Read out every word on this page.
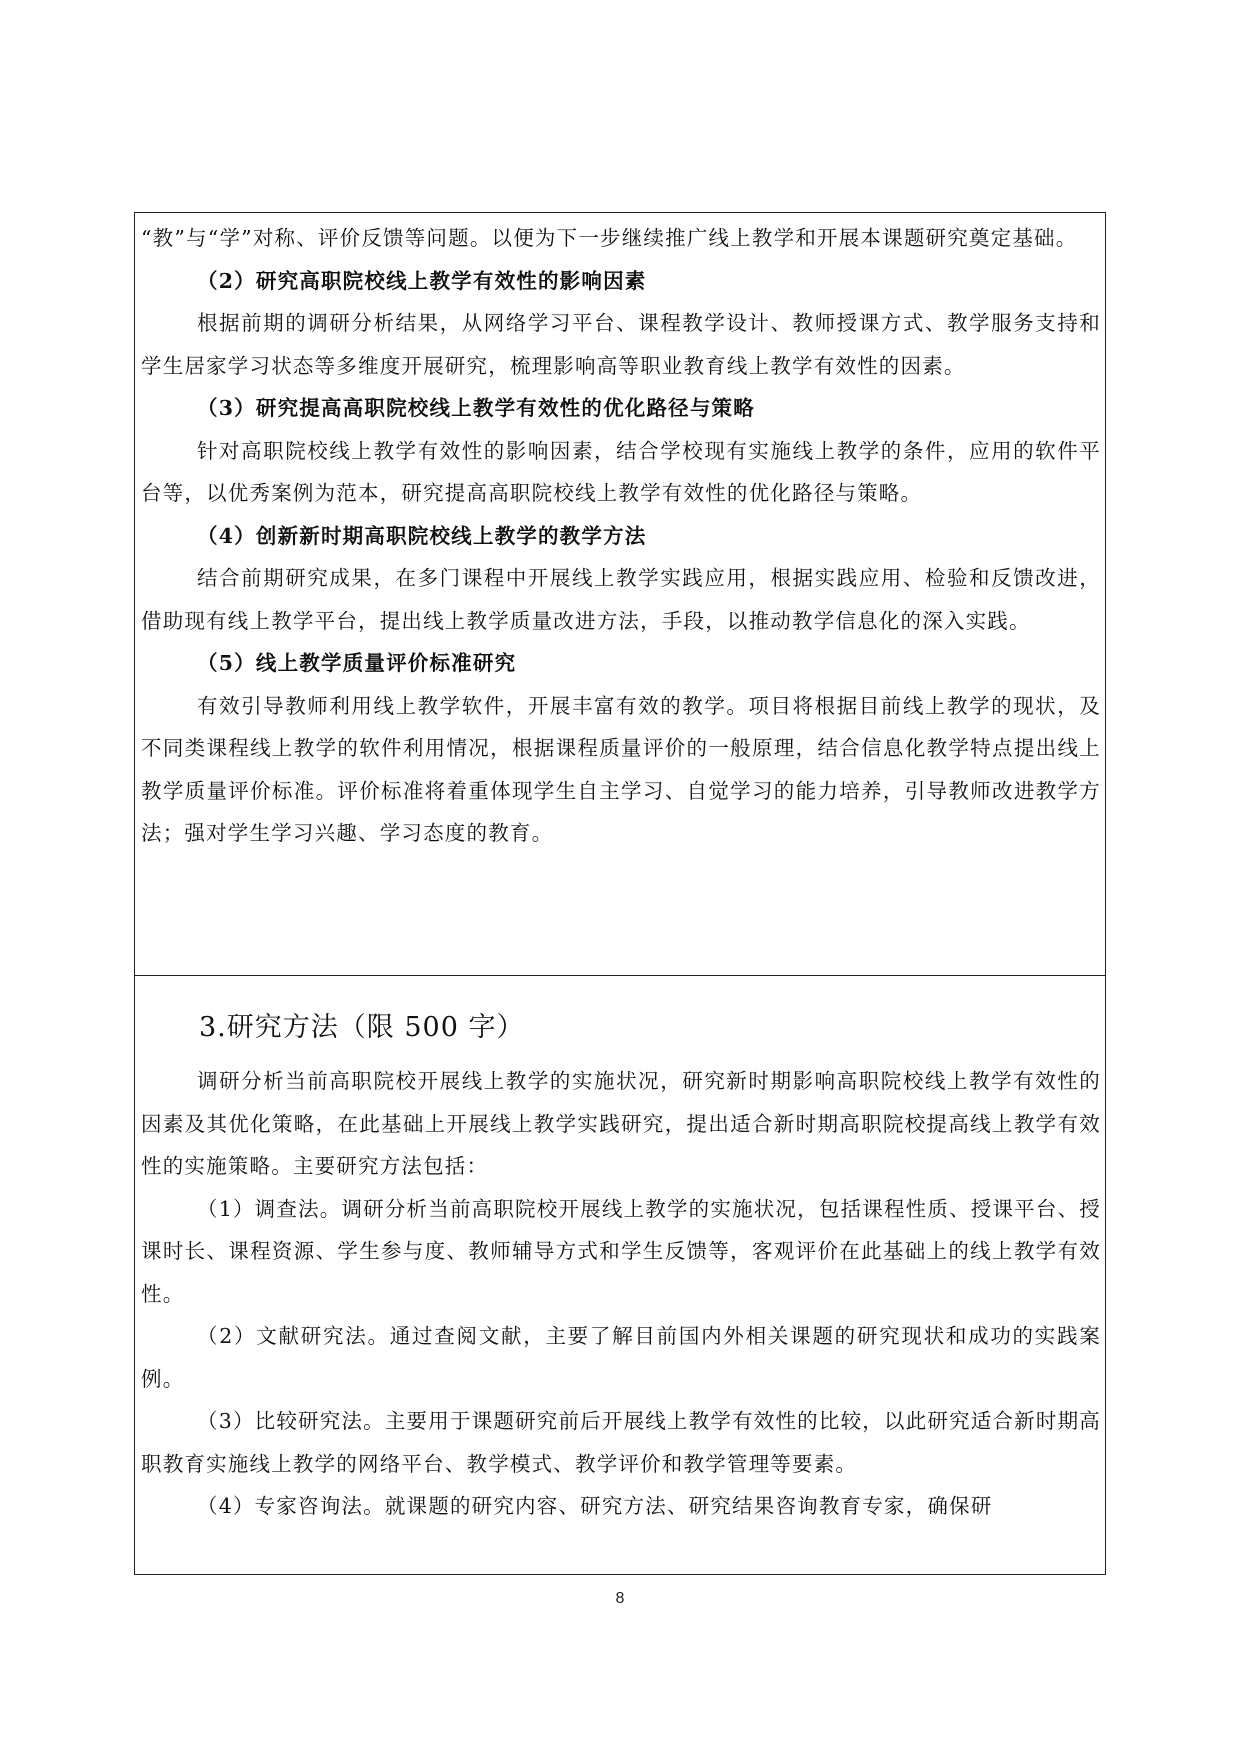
“教”与“学”对称、评价反馈等问题。以便为下一步继续推广线上教学和开展本课题研究奠定基础。

（2）研究高职院校线上教学有效性的影响因素

根据前期的调研分析结果，从网络学习平台、课程教学设计、教师授课方式、教学服务支持和学生居家学习状态等多维度开展研究，梳理影响高等职业教育线上教学有效性的因素。

（3）研究提高高职院校线上教学有效性的优化路径与策略

针对高职院校线上教学有效性的影响因素，结合学校现有实施线上教学的条件，应用的软件平台等，以优秀案例为范本，研究提高高职院校线上教学有效性的优化路径与策略。

（4）创新新时期高职院校线上教学的教学方法

结合前期研究成果，在多门课程中开展线上教学实践应用，根据实践应用、检验和反馈改进，借助现有线上教学平台，提出线上教学质量改进方法，手段，以推动教学信息化的深入实践。

（5）线上教学质量评价标准研究

有效引导教师利用线上教学软件，开展丰富有效的教学。项目将根据目前线上教学的现状，及不同类课程线上教学的软件利用情况，根据课程质量评价的一般原理，结合信息化教学特点提出线上教学质量评价标准。评价标准将着重体现学生自主学习、自觉学习的能力培养，引导教师改进教学方法；强对学生学习兴趣、学习态度的教育。

3.研究方法（限 500 字）

调研分析当前高职院校开展线上教学的实施状况，研究新时期影响高职院校线上教学有效性的因素及其优化策略，在此基础上开展线上教学实践研究，提出适合新时期高职院校提高线上教学有效性的实施策略。主要研究方法包括：

（1）调查法。调研分析当前高职院校开展线上教学的实施状况，包括课程性质、授课平台、授课时长、课程资源、学生参与度、教师辅导方式和学生反馈等，客观评价在此基础上的线上教学有效性。

（2）文献研究法。通过查阅文献，主要了解目前国内外相关课题的研究现状和成功的实践案例。

（3）比较研究法。主要用于课题研究前后开展线上教学有效性的比较，以此研究适合新时期高职教育实施线上教学的网络平台、教学模式、教学评价和教学管理等要素。

（4）专家咨询法。就课题的研究内容、研究方法、研究结果咨询教育专家，确保研

8
